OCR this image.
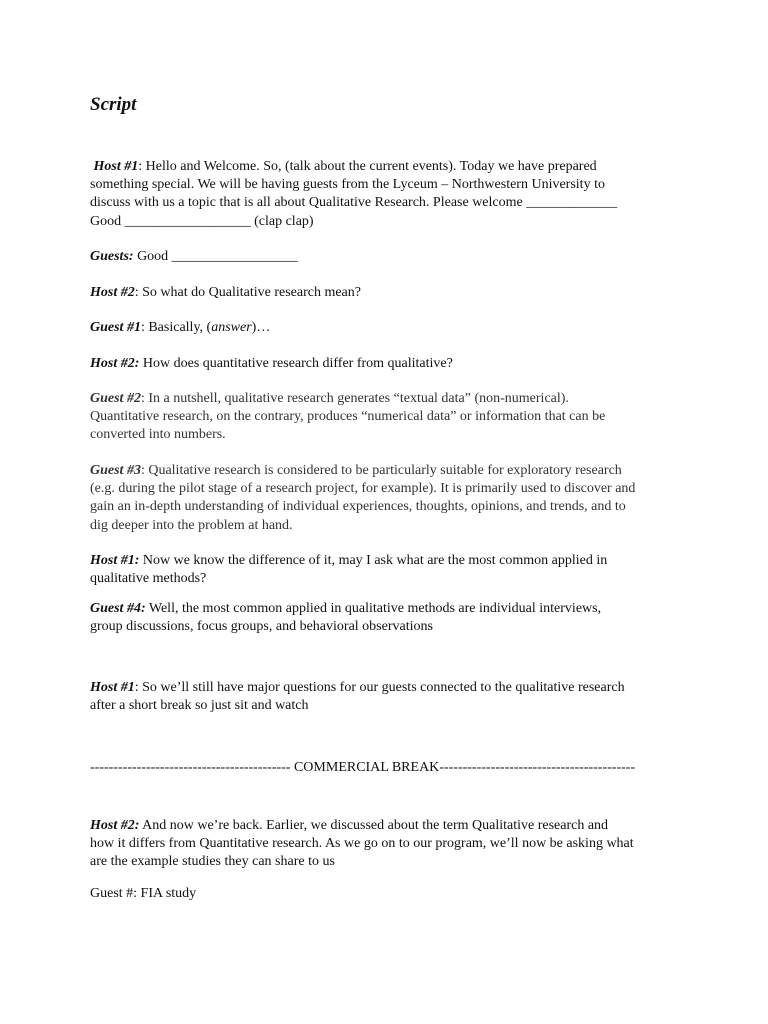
Script
Host #1: Hello and Welcome. So, (talk about the current events). Today we have prepared
something special. We will be having guests from the Lyceum – Northwestern University to
discuss with us a topic that is all about Qualitative Research. Please welcome _____________
Good __________________ (clap clap)
Guests: Good __________________
Host #2: So what do Qualitative research mean?
Guest #1: Basically, (answer)…
Host #2: How does quantitative research differ from qualitative?
Guest #2: In a nutshell, qualitative research generates “textual data” (non-numerical).
Quantitative research, on the contrary, produces “numerical data” or information that can be
converted into numbers.
Guest #3: Qualitative research is considered to be particularly suitable for exploratory research
(e.g. during the pilot stage of a research project, for example). It is primarily used to discover and
gain an in-depth understanding of individual experiences, thoughts, opinions, and trends, and to
dig deeper into the problem at hand.
Host #1: Now we know the difference of it, may I ask what are the most common applied in
qualitative methods?
Guest #4: Well, the most common applied in qualitative methods are individual interviews,
group discussions, focus groups, and behavioral observations
Host #1: So we’ll still have major questions for our guests connected to the qualitative research
after a short break so just sit and watch
------------------------------------------- COMMERCIAL BREAK------------------------------------------
Host #2: And now we’re back. Earlier, we discussed about the term Qualitative research and
how it differs from Quantitative research. As we go on to our program, we’ll now be asking what
are the example studies they can share to us
Guest #: FIA study
